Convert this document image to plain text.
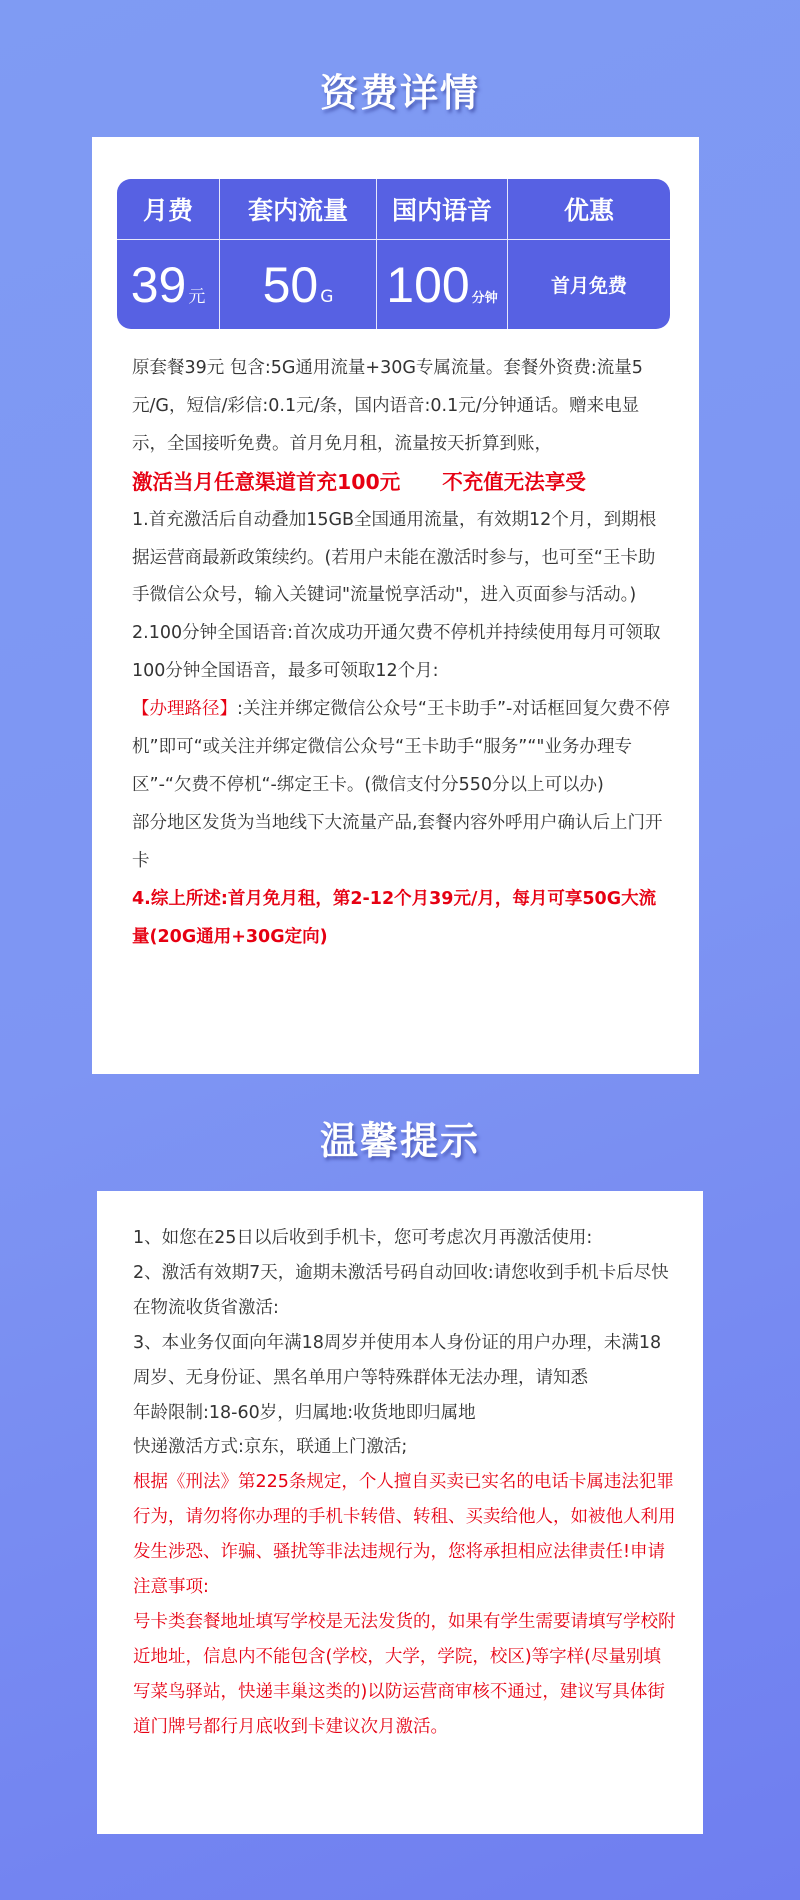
资费详情
月费	套内流量	国内语音	优惠
39 元	50 G	100 分钟	首月免费

原套餐39元 包含:5G通用流量+30G专属流量。套餐外资费:流量5元/G，短信/彩信:0.1元/条，国内语音:0.1元/分钟通话。赠来电显示，全国接听免费。首月免月租，流量按天折算到账，

激活当月任意渠道首充100元 不充值无法享受

1.首充激活后自动叠加15GB全国通用流量，有效期12个月，到期根据运营商最新政策续约。(若用户未能在激活时参与，也可至“王卡助手微信公众号，输入关键词"流量悦享活动"，进入页面参与活动。)

2.100分钟全国语音:首次成功开通欠费不停机并持续使用每月可领取100分钟全国语音，最多可领取12个月:

【办理路径】:关注并绑定微信公众号“王卡助手”-对话框回复欠费不停机”即可“或关注并绑定微信公众号“王卡助手“服务”“"业务办理专区”-“欠费不停机“-绑定王卡。(微信支付分550分以上可以办)

部分地区发货为当地线下大流量产品,套餐内容外呼用户确认后上门开卡

4.综上所述:首月免月租，第2-12个月39元/月，每月可享50G大流量(20G通用+30G定向)

温馨提示

1、如您在25日以后收到手机卡，您可考虑次月再激活使用:

2、激活有效期7天，逾期未激活号码自动回收:请您收到手机卡后尽快在物流收货省激活:

3、本业务仅面向年满18周岁并使用本人身份证的用户办理，未满18周岁、无身份证、黑名单用户等特殊群体无法办理，请知悉

年龄限制:18-60岁，归属地:收货地即归属地

快递激活方式:京东，联通上门激活;

根据《刑法》第225条规定，个人擅自买卖已实名的电话卡属违法犯罪行为，请勿将你办理的手机卡转借、转租、买卖给他人，如被他人利用发生涉恐、诈骗、骚扰等非法违规行为，您将承担相应法律责任!申请注意事项:

号卡类套餐地址填写学校是无法发货的，如果有学生需要请填写学校附近地址，信息内不能包含(学校，大学，学院，校区)等字样(尽量别填写菜鸟驿站，快递丰巢这类的)以防运营商审核不通过，建议写具体街道门牌号都行月底收到卡建议次月激活。
